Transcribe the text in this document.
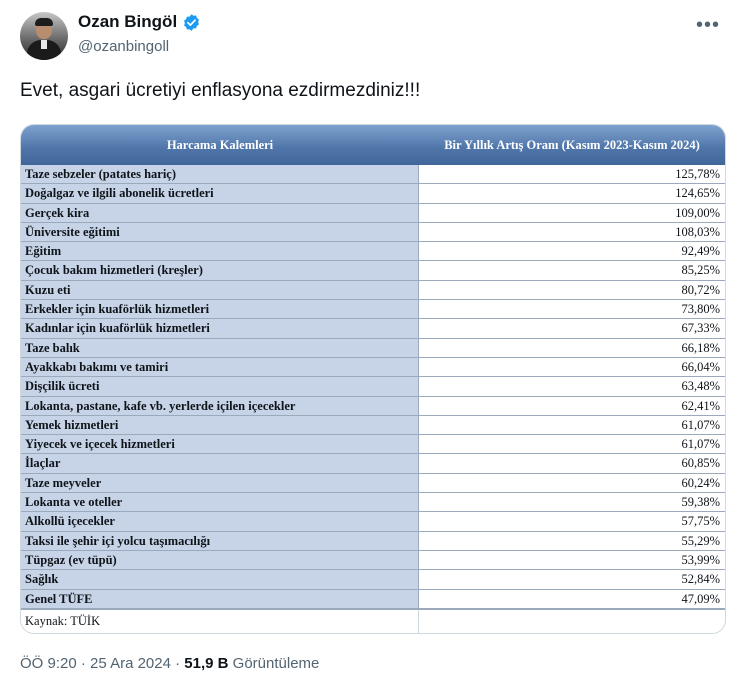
Ozan Bingöl
@ozanbingoll
•••
Evet, asgari ücretiyi enflasyona ezdirmezdiniz!!!
Harcama Kalemleri	Bir Yıllık Artış Oranı (Kasım 2023-Kasım 2024)
Taze sebzeler (patates hariç)	125,78%
Doğalgaz ve ilgili abonelik ücretleri	124,65%
Gerçek kira	109,00%
Üniversite eğitimi	108,03%
Eğitim	92,49%
Çocuk bakım hizmetleri (kreşler)	85,25%
Kuzu eti	80,72%
Erkekler için kuaförlük hizmetleri	73,80%
Kadınlar için kuaförlük hizmetleri	67,33%
Taze balık	66,18%
Ayakkabı bakımı ve tamiri	66,04%
Dişçilik ücreti	63,48%
Lokanta, pastane, kafe vb. yerlerde içilen içecekler	62,41%
Yemek hizmetleri	61,07%
Yiyecek ve içecek hizmetleri	61,07%
İlaçlar	60,85%
Taze meyveler	60,24%
Lokanta ve oteller	59,38%
Alkollü içecekler	57,75%
Taksi ile şehir içi yolcu taşımacılığı	55,29%
Tüpgaz (ev tüpü)	53,99%
Sağlık	52,84%
Genel TÜFE	47,09%
Kaynak: TÜİK
ÖÖ 9:20 · 25 Ara 2024 · 51,9 B Görüntüleme
